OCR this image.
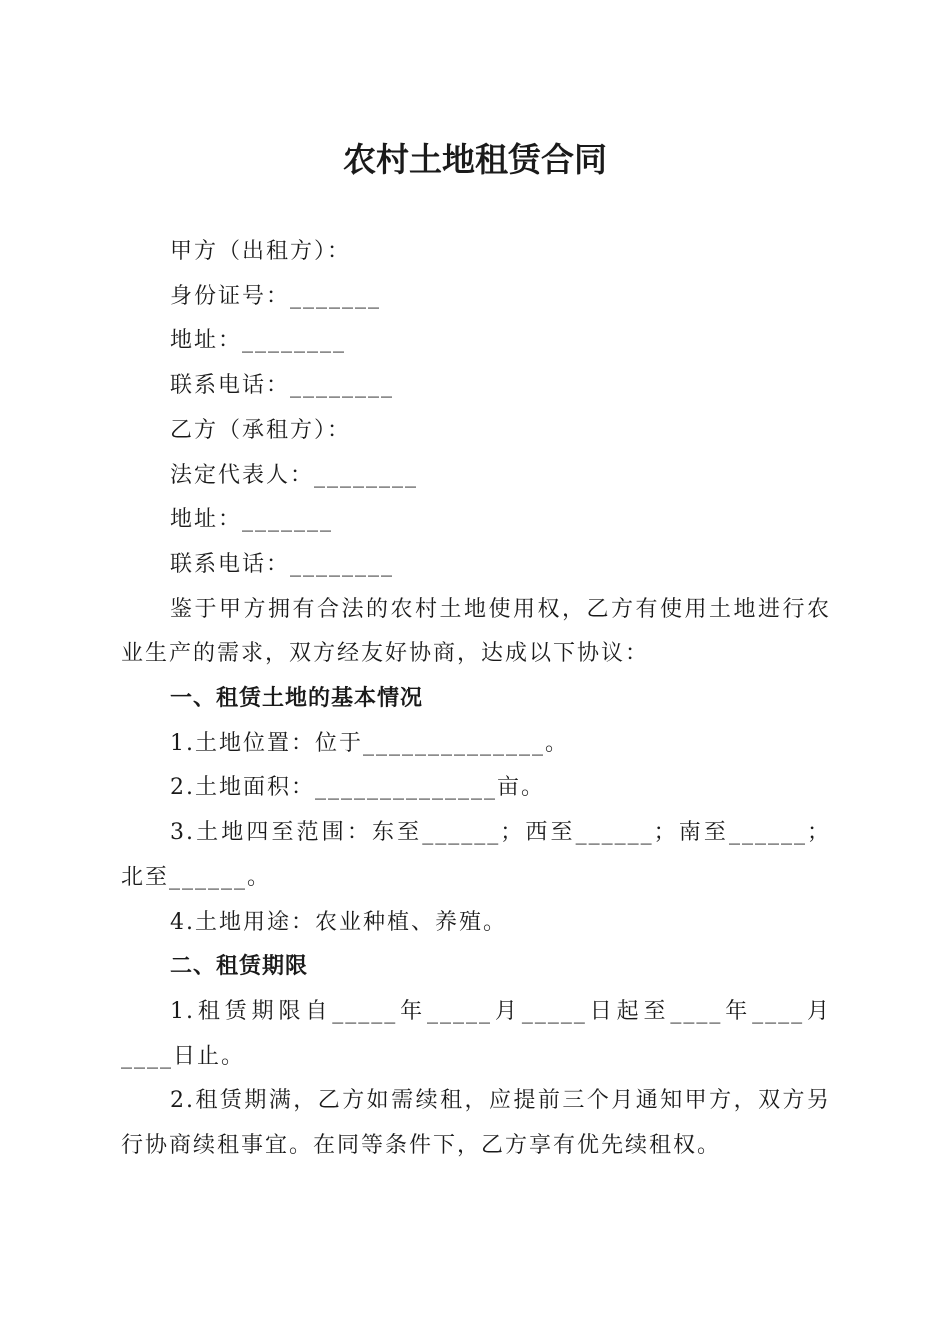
农村土地租赁合同

甲方（出租方）：

身份证号：_______

地址：________

联系电话：________

乙方（承租方）：

法定代表人：________

地址：_______

联系电话：________

鉴于甲方拥有合法的农村土地使用权，乙方有使用土地进行农业生产的需求，双方经友好协商，达成以下协议：

一、租赁土地的基本情况

1.土地位置：位于______________。

2.土地面积：______________亩。

3.土地四至范围：东至______；西至______；南至______；北至______。

4.土地用途：农业种植、养殖。

二、租赁期限

1.租赁期限自_____年_____月_____日起至____年____月____日止。

2.租赁期满，乙方如需续租，应提前三个月通知甲方，双方另行协商续租事宜。在同等条件下，乙方享有优先续租权。
